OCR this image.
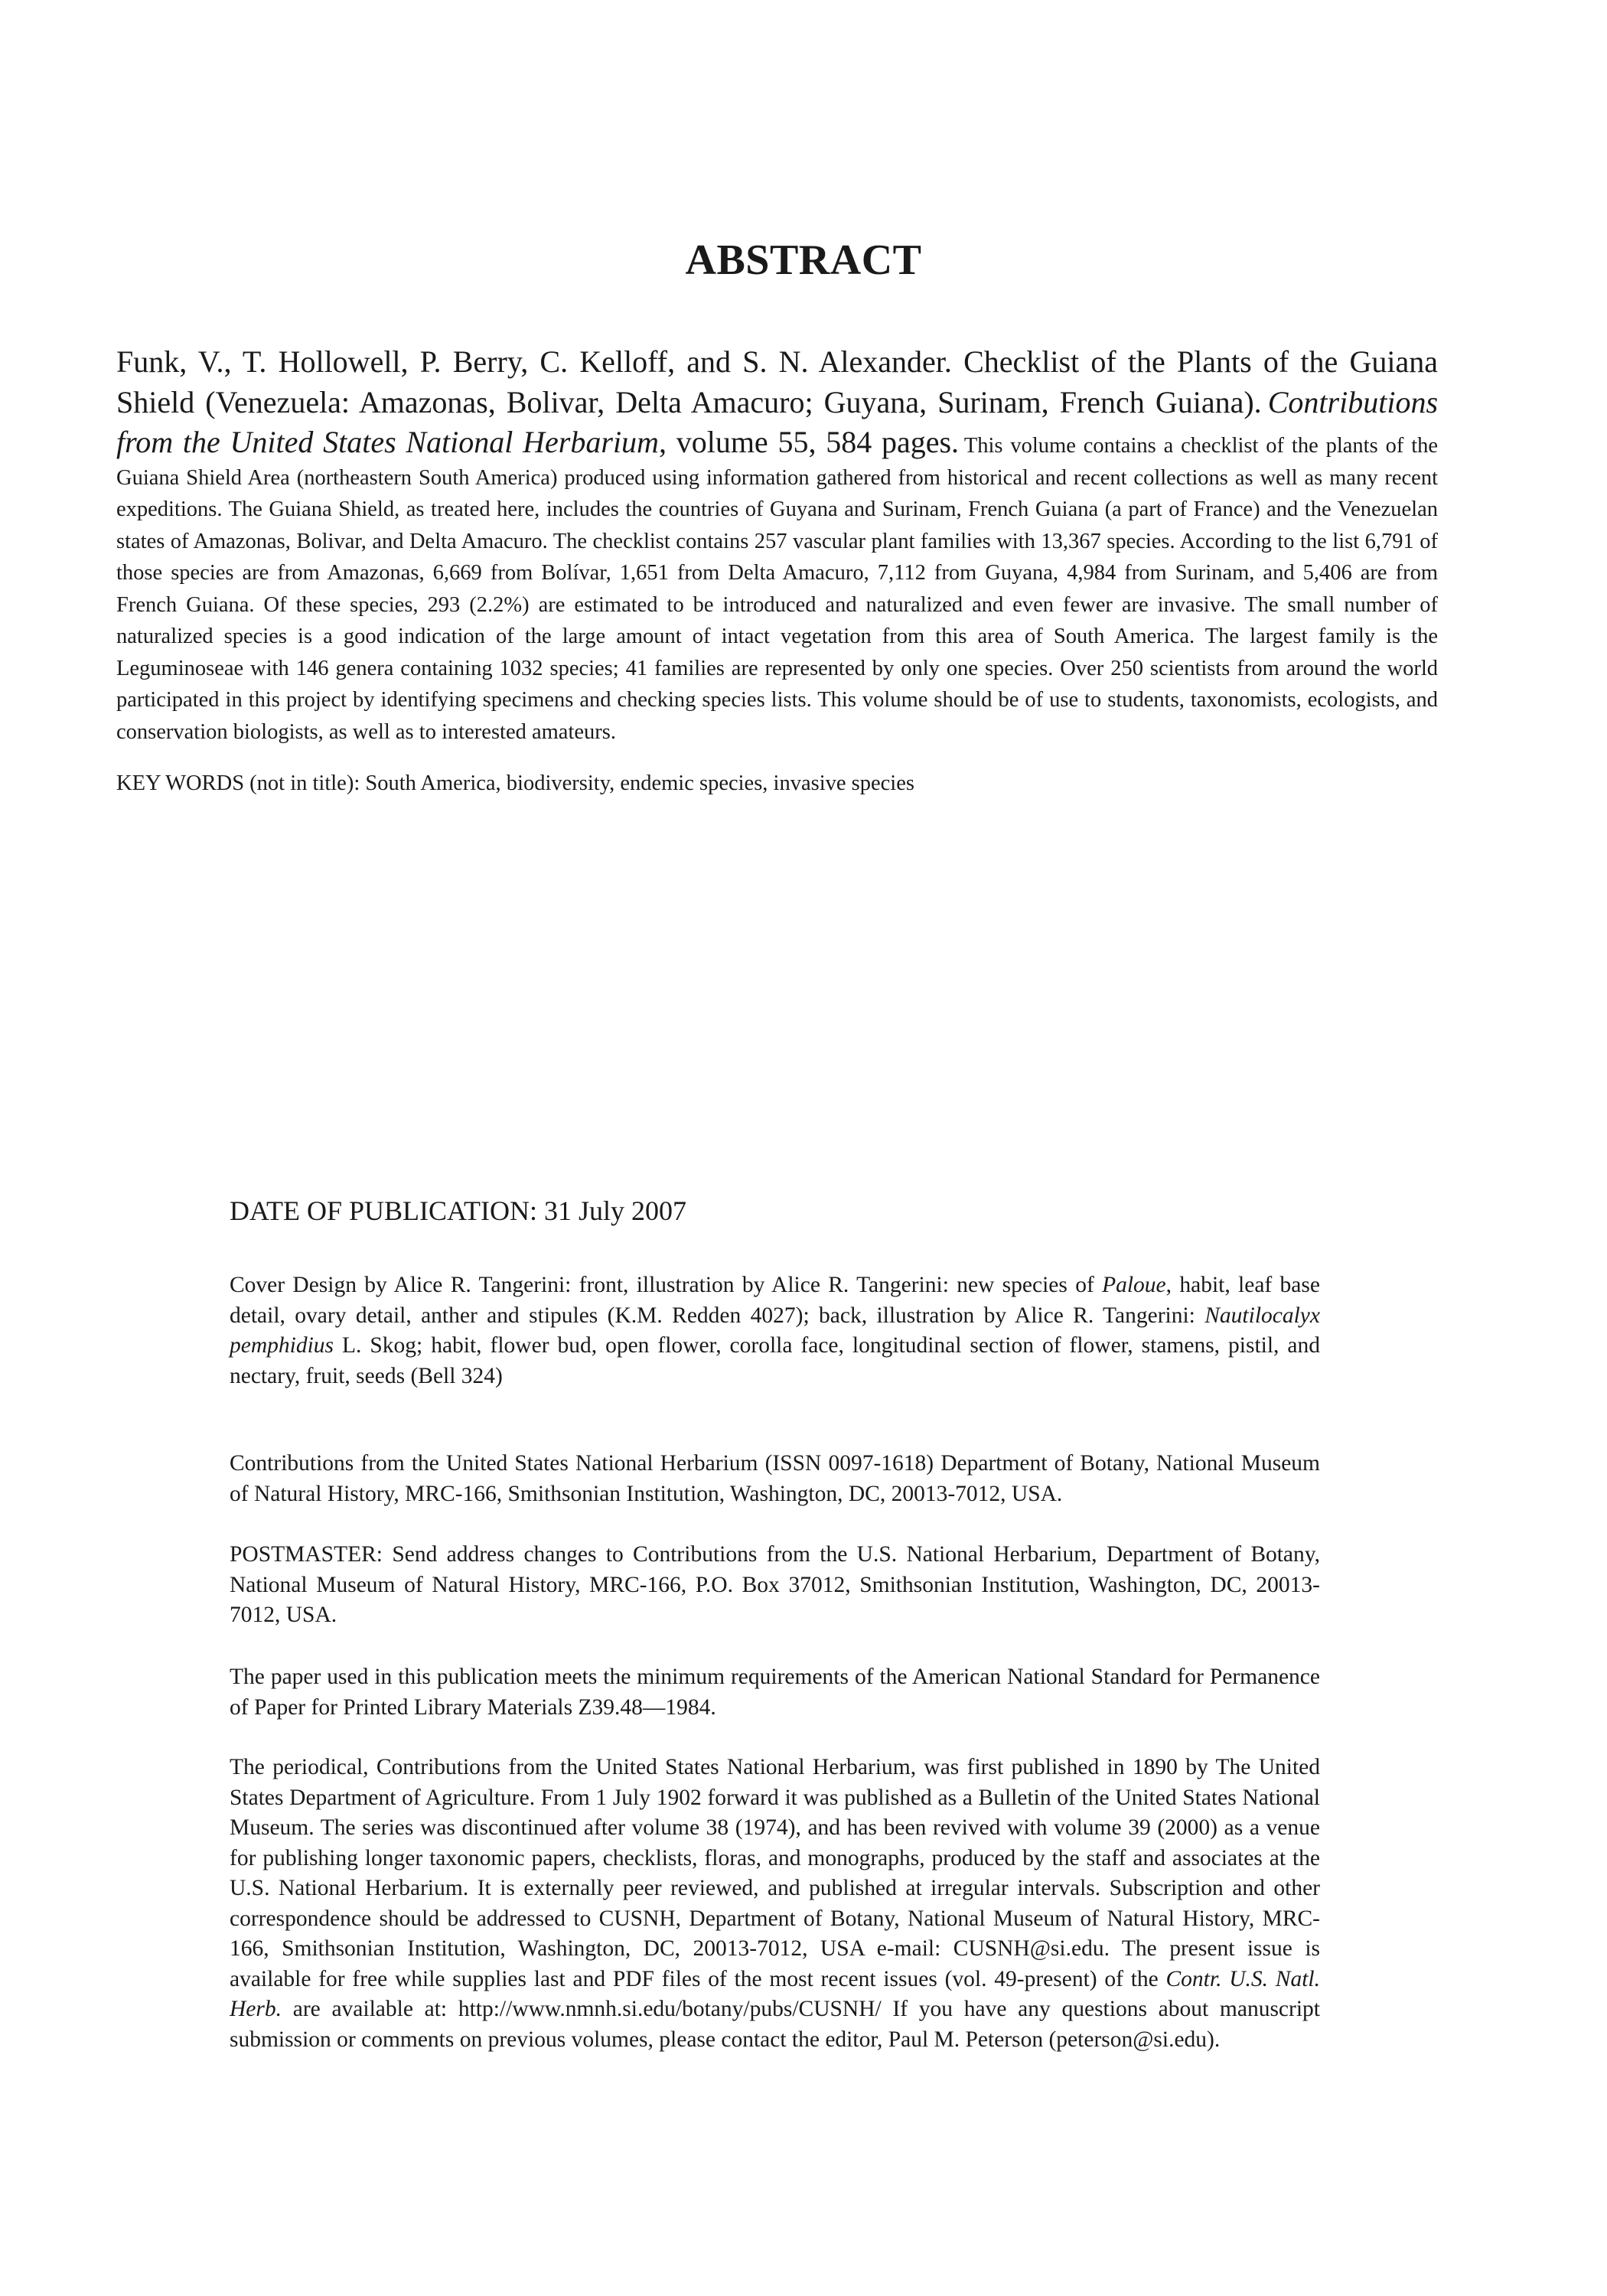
ABSTRACT
Funk, V., T. Hollowell, P. Berry, C. Kelloff, and S. N. Alexander. Checklist of the Plants of the Guiana Shield (Venezuela: Amazonas, Bolivar, Delta Amacuro; Guyana, Surinam, French Guiana). Contributions from the United States National Herbarium, volume 55, 584 pages. This volume contains a checklist of the plants of the Guiana Shield Area (northeastern South America) produced using information gathered from historical and recent collections as well as many recent expeditions. The Guiana Shield, as treated here, includes the countries of Guyana and Surinam, French Guiana (a part of France) and the Venezuelan states of Amazonas, Bolivar, and Delta Amacuro. The checklist contains 257 vascular plant families with 13,367 species. According to the list 6,791 of those species are from Amazonas, 6,669 from Bolívar, 1,651 from Delta Amacuro, 7,112 from Guyana, 4,984 from Surinam, and 5,406 are from French Guiana. Of these species, 293 (2.2%) are estimated to be introduced and naturalized and even fewer are invasive. The small number of naturalized species is a good indication of the large amount of intact vegetation from this area of South America. The largest family is the Leguminoseae with 146 genera containing 1032 species; 41 families are represented by only one species. Over 250 scientists from around the world participated in this project by identifying specimens and checking species lists. This volume should be of use to students, taxonomists, ecologists, and conservation biologists, as well as to interested amateurs.
KEY WORDS (not in title): South America, biodiversity, endemic species, invasive species
DATE OF PUBLICATION: 31 July 2007
Cover Design by Alice R. Tangerini: front, illustration by Alice R. Tangerini: new species of Paloue, habit, leaf base detail, ovary detail, anther and stipules (K.M. Redden 4027); back, illustration by Alice R. Tangerini: Nautilocalyx pemphidius L. Skog; habit, flower bud, open flower, corolla face, longitudinal section of flower, stamens, pistil, and nectary, fruit, seeds (Bell 324)
Contributions from the United States National Herbarium (ISSN 0097-1618) Department of Botany, National Museum of Natural History, MRC-166, Smithsonian Institution, Washington, DC, 20013-7012, USA.
POSTMASTER: Send address changes to Contributions from the U.S. National Herbarium, Department of Botany, National Museum of Natural History, MRC-166, P.O. Box 37012, Smithsonian Institution, Washington, DC, 20013-7012, USA.
The paper used in this publication meets the minimum requirements of the American National Standard for Permanence of Paper for Printed Library Materials Z39.48—1984.
The periodical, Contributions from the United States National Herbarium, was first published in 1890 by The United States Department of Agriculture. From 1 July 1902 forward it was published as a Bulletin of the United States National Museum. The series was discontinued after volume 38 (1974), and has been revived with volume 39 (2000) as a venue for publishing longer taxonomic papers, checklists, floras, and monographs, produced by the staff and associates at the U.S. National Herbarium. It is externally peer reviewed, and published at irregular intervals. Subscription and other correspondence should be addressed to CUSNH, Department of Botany, National Museum of Natural History, MRC-166, Smithsonian Institution, Washington, DC, 20013-7012, USA e-mail: CUSNH@si.edu. The present issue is available for free while supplies last and PDF files of the most recent issues (vol. 49-present) of the Contr. U.S. Natl. Herb. are available at: http://www.nmnh.si.edu/botany/pubs/CUSNH/ If you have any questions about manuscript submission or comments on previous volumes, please contact the editor, Paul M. Peterson (peterson@si.edu).
